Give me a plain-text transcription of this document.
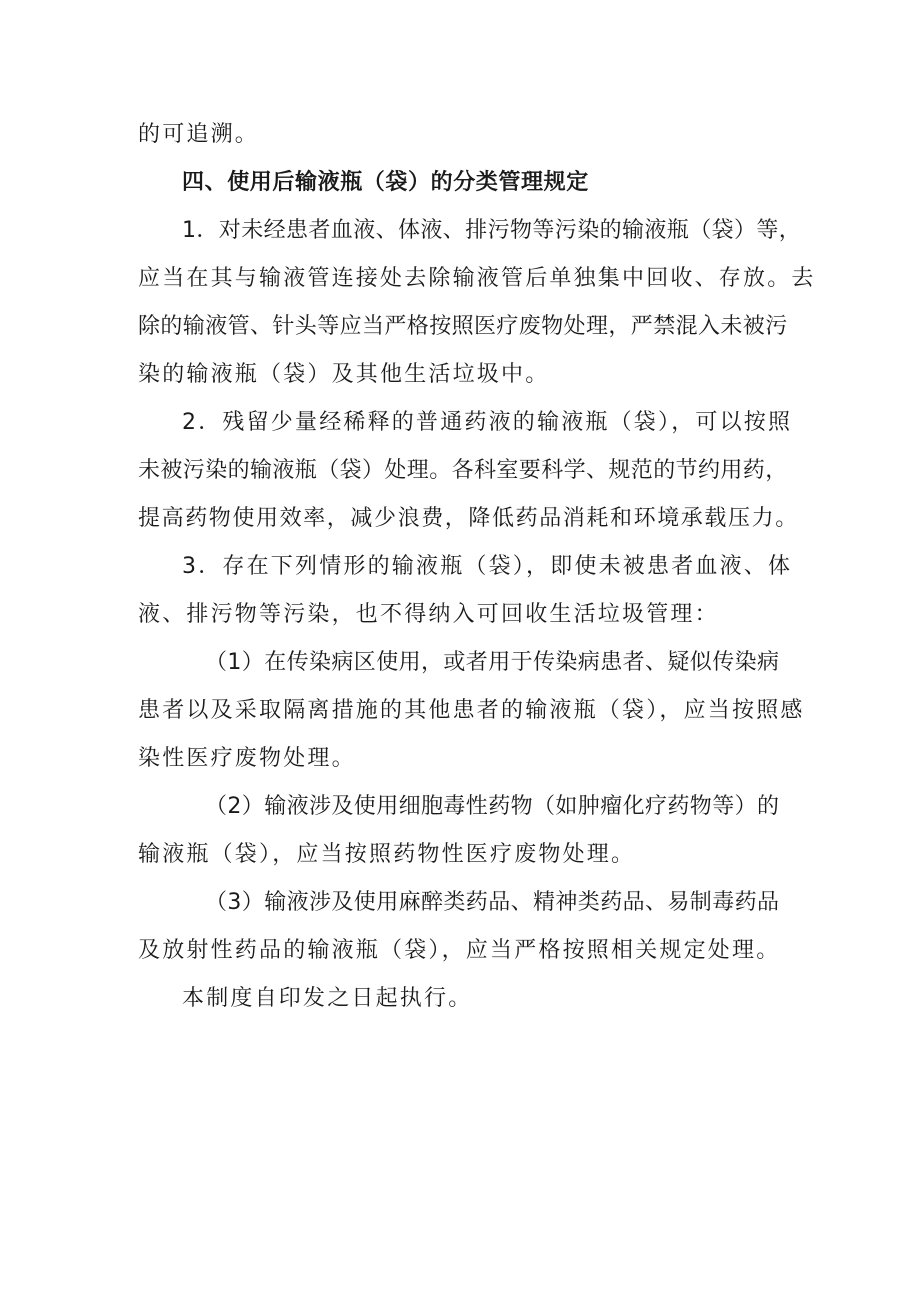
的可追溯。
四、使用后输液瓶（袋）的分类管理规定
1．对未经患者血液、体液、排污物等污染的输液瓶（袋）等，
应当在其与输液管连接处去除输液管后单独集中回收、存放。去
除的输液管、针头等应当严格按照医疗废物处理，严禁混入未被污
染的输液瓶（袋）及其他生活垃圾中。
2．残留少量经稀释的普通药液的输液瓶（袋），可以按照
未被污染的输液瓶（袋）处理。各科室要科学、规范的节约用药，
提高药物使用效率，减少浪费，降低药品消耗和环境承载压力。
3．存在下列情形的输液瓶（袋），即使未被患者血液、体
液、排污物等污染，也不得纳入可回收生活垃圾管理：
（1）在传染病区使用，或者用于传染病患者、疑似传染病
患者以及采取隔离措施的其他患者的输液瓶（袋），应当按照感
染性医疗废物处理。
（2）输液涉及使用细胞毒性药物（如肿瘤化疗药物等）的
输液瓶（袋），应当按照药物性医疗废物处理。
（3）输液涉及使用麻醉类药品、精神类药品、易制毒药品
及放射性药品的输液瓶（袋），应当严格按照相关规定处理。
本制度自印发之日起执行。
